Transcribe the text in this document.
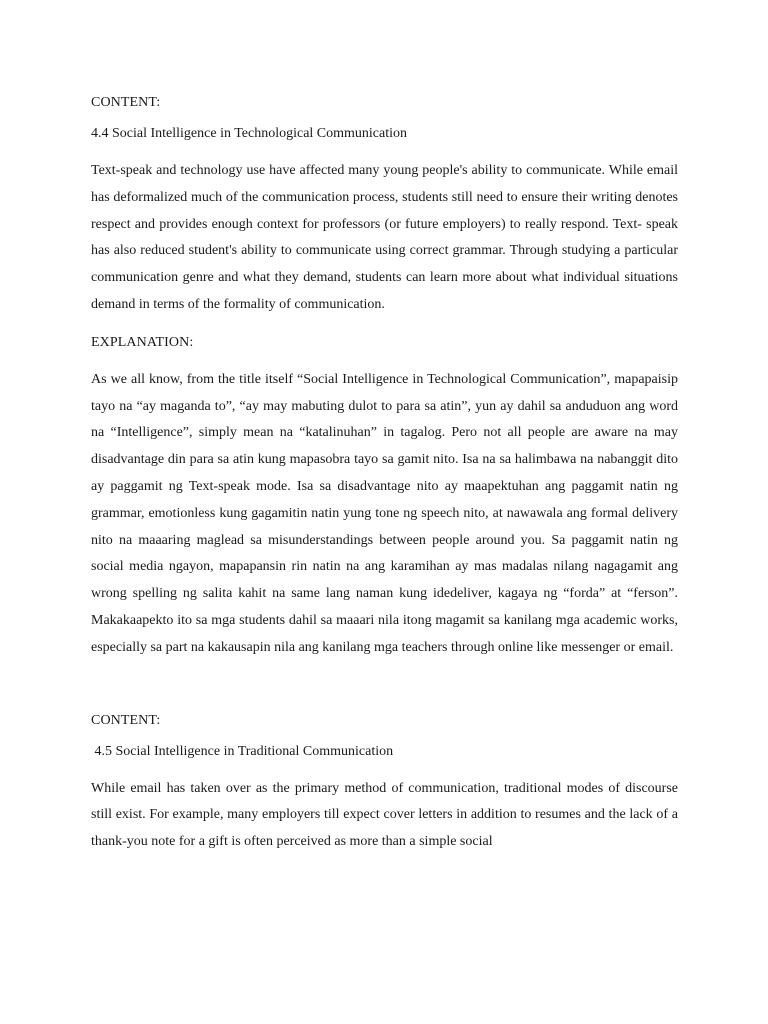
CONTENT:

4.4 Social Intelligence in Technological Communication

Text-speak and technology use have affected many young people's ability to communicate. While email has deformalized much of the communication process, students still need to ensure their writing denotes respect and provides enough context for professors (or future employers) to really respond. Text- speak has also reduced student's ability to communicate using correct grammar. Through studying a particular communication genre and what they demand, students can learn more about what individual situations demand in terms of the formality of communication.

EXPLANATION:

As we all know, from the title itself “Social Intelligence in Technological Communication”, mapapaisip tayo na “ay maganda to”, “ay may mabuting dulot to para sa atin”, yun ay dahil sa anduduon ang word na “Intelligence”, simply mean na “katalinuhan” in tagalog. Pero not all people are aware na may disadvantage din para sa atin kung mapasobra tayo sa gamit nito. Isa na sa halimbawa na nabanggit dito ay paggamit ng Text-speak mode. Isa sa disadvantage nito ay maapektuhan ang paggamit natin ng grammar, emotionless kung gagamitin natin yung tone ng speech nito, at nawawala ang formal delivery nito na maaaring maglead sa misunderstandings between people around you. Sa paggamit natin ng social media ngayon, mapapansin rin natin na ang karamihan ay mas madalas nilang nagagamit ang wrong spelling ng salita kahit na same lang naman kung idedeliver, kagaya ng “forda” at “ferson”. Makakaapekto ito sa mga students dahil sa maaari nila itong magamit sa kanilang mga academic works, especially sa part na kakausapin nila ang kanilang mga teachers through online like messenger or email.

CONTENT:

4.5 Social Intelligence in Traditional Communication

While email has taken over as the primary method of communication, traditional modes of discourse still exist. For example, many employers till expect cover letters in addition to resumes and the lack of a thank-you note for a gift is often perceived as more than a simple social
